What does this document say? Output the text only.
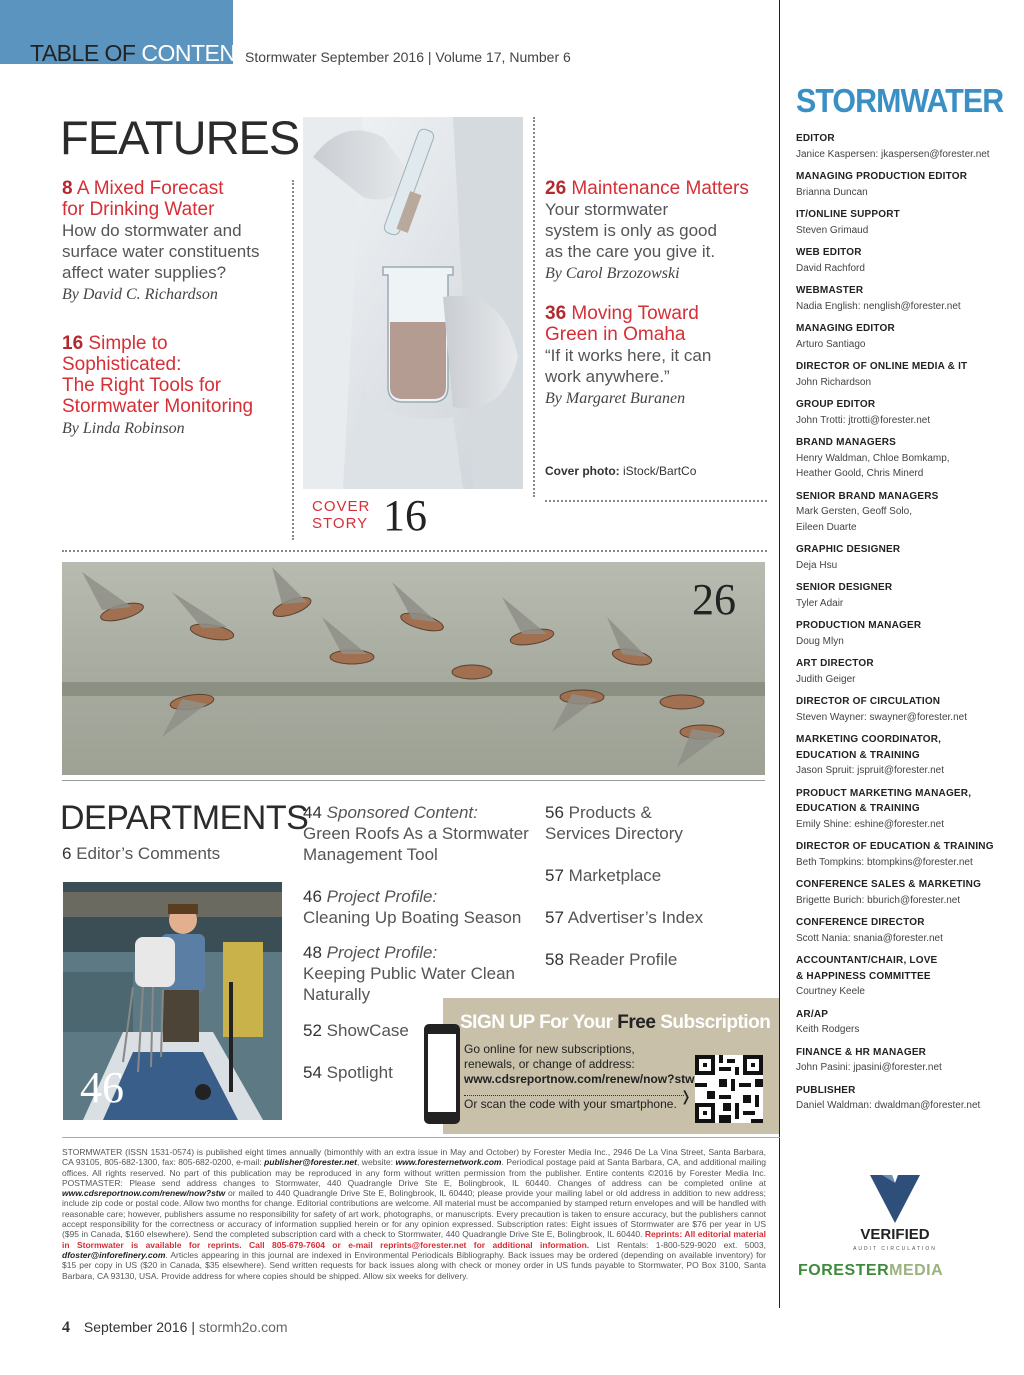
TABLE OF CONTENTS
Stormwater September 2016 | Volume 17, Number 6
FEATURES
8 A Mixed Forecast
for Drinking Water
How do stormwater and
surface water constituents
affect water supplies?
By David C. Richardson
16 Simple to
Sophisticated:
The Right Tools for
Stormwater Monitoring
By Linda Robinson
COVER
STORY 16
26 Maintenance Matters
Your stormwater
system is only as good
as the care you give it.
By Carol Brzozowski
36 Moving Toward
Green in Omaha
“If it works here, it can
work anywhere.”
By Margaret Buranen
Cover photo: iStock/BartCo
26
DEPARTMENTS
6 Editor’s Comments
46
44 Sponsored Content:
Green Roofs As a Stormwater
Management Tool
46 Project Profile:
Cleaning Up Boating Season
48 Project Profile:
Keeping Public Water Clean
Naturally
52 ShowCase
54 Spotlight
56 Products &
Services Directory
57 Marketplace
57 Advertiser’s Index
58 Reader Profile
SIGN UP For Your Free Subscription
Go online for new subscriptions,
renewals, or change of address:
www.cdsreportnow.com/renew/now?stw
Or scan the code with your smartphone. ❭
STORMWATER (ISSN 1531-0574) is published eight times annually (bimonthly with an extra issue in May and October) by Forester Media Inc., 2946 De La Vina Street, Santa Barbara, CA 93105, 805-682-1300, fax: 805-682-0200, e-mail: publisher@forester.net, website: www.foresternetwork.com. Periodical postage paid at Santa Barbara, CA, and additional mailing offices. All rights reserved. No part of this publication may be reproduced in any form without written permission from the publisher. Entire contents ©2016 by Forester Media Inc. POSTMASTER: Please send address changes to Stormwater, 440 Quadrangle Drive Ste E, Bolingbrook, IL 60440. Changes of address can be completed online at www.cdsreportnow.com/renew/now?stw or mailed to 440 Quadrangle Drive Ste E, Bolingbrook, IL 60440; please provide your mailing label or old address in addition to new address; include zip code or postal code. Allow two months for change. Editorial contributions are welcome. All material must be accompanied by stamped return envelopes and will be handled with reasonable care; however, publishers assume no responsibility for safety of art work, photographs, or manuscripts. Every precaution is taken to ensure accuracy, but the publishers cannot accept responsibility for the correctness or accuracy of information supplied herein or for any opinion expressed. Subscription rates: Eight issues of Stormwater are $76 per year in US ($95 in Canada, $160 elsewhere). Send the completed subscription card with a check to Stormwater, 440 Quadrangle Drive Ste E, Bolingbrook, IL 60440. Reprints: All editorial material in Stormwater is available for reprints. Call 805-679-7604 or e-mail reprints@forester.net for additional information. List Rentals: 1-800-529-9020 ext. 5003, dfoster@inforefinery.com. Articles appearing in this journal are indexed in Environmental Periodicals Bibliography. Back issues may be ordered (depending on available inventory) for $15 per copy in US ($20 in Canada, $35 elsewhere). Send written requests for back issues along with check or money order in US funds payable to Stormwater, PO Box 3100, Santa Barbara, CA 93130, USA. Provide address for where copies should be shipped. Allow six weeks for delivery.
4 September 2016 | stormh2o.com
STORMWATER
EDITOR
Janice Kaspersen: jkaspersen@forester.net
MANAGING PRODUCTION EDITOR
Brianna Duncan
IT/ONLINE SUPPORT
Steven Grimaud
WEB EDITOR
David Rachford
WEBMASTER
Nadia English: nenglish@forester.net
MANAGING EDITOR
Arturo Santiago
DIRECTOR OF ONLINE MEDIA & IT
John Richardson
GROUP EDITOR
John Trotti: jtrotti@forester.net
BRAND MANAGERS
Henry Waldman, Chloe Bomkamp,
Heather Goold, Chris Minerd
SENIOR BRAND MANAGERS
Mark Gersten, Geoff Solo,
Eileen Duarte
GRAPHIC DESIGNER
Deja Hsu
SENIOR DESIGNER
Tyler Adair
PRODUCTION MANAGER
Doug Mlyn
ART DIRECTOR
Judith Geiger
DIRECTOR OF CIRCULATION
Steven Wayner: swayner@forester.net
MARKETING COORDINATOR,
EDUCATION & TRAINING
Jason Spruit: jspruit@forester.net
PRODUCT MARKETING MANAGER,
EDUCATION & TRAINING
Emily Shine: eshine@forester.net
DIRECTOR OF EDUCATION & TRAINING
Beth Tompkins: btompkins@forester.net
CONFERENCE SALES & MARKETING
Brigette Burich: bburich@forester.net
CONFERENCE DIRECTOR
Scott Nania: snania@forester.net
ACCOUNTANT/CHAIR, LOVE
& HAPPINESS COMMITTEE
Courtney Keele
AR/AP
Keith Rodgers
FINANCE & HR MANAGER
John Pasini: jpasini@forester.net
PUBLISHER
Daniel Waldman: dwaldman@forester.net
VERIFIED
AUDIT CIRCULATION
FORESTERMEDIA
